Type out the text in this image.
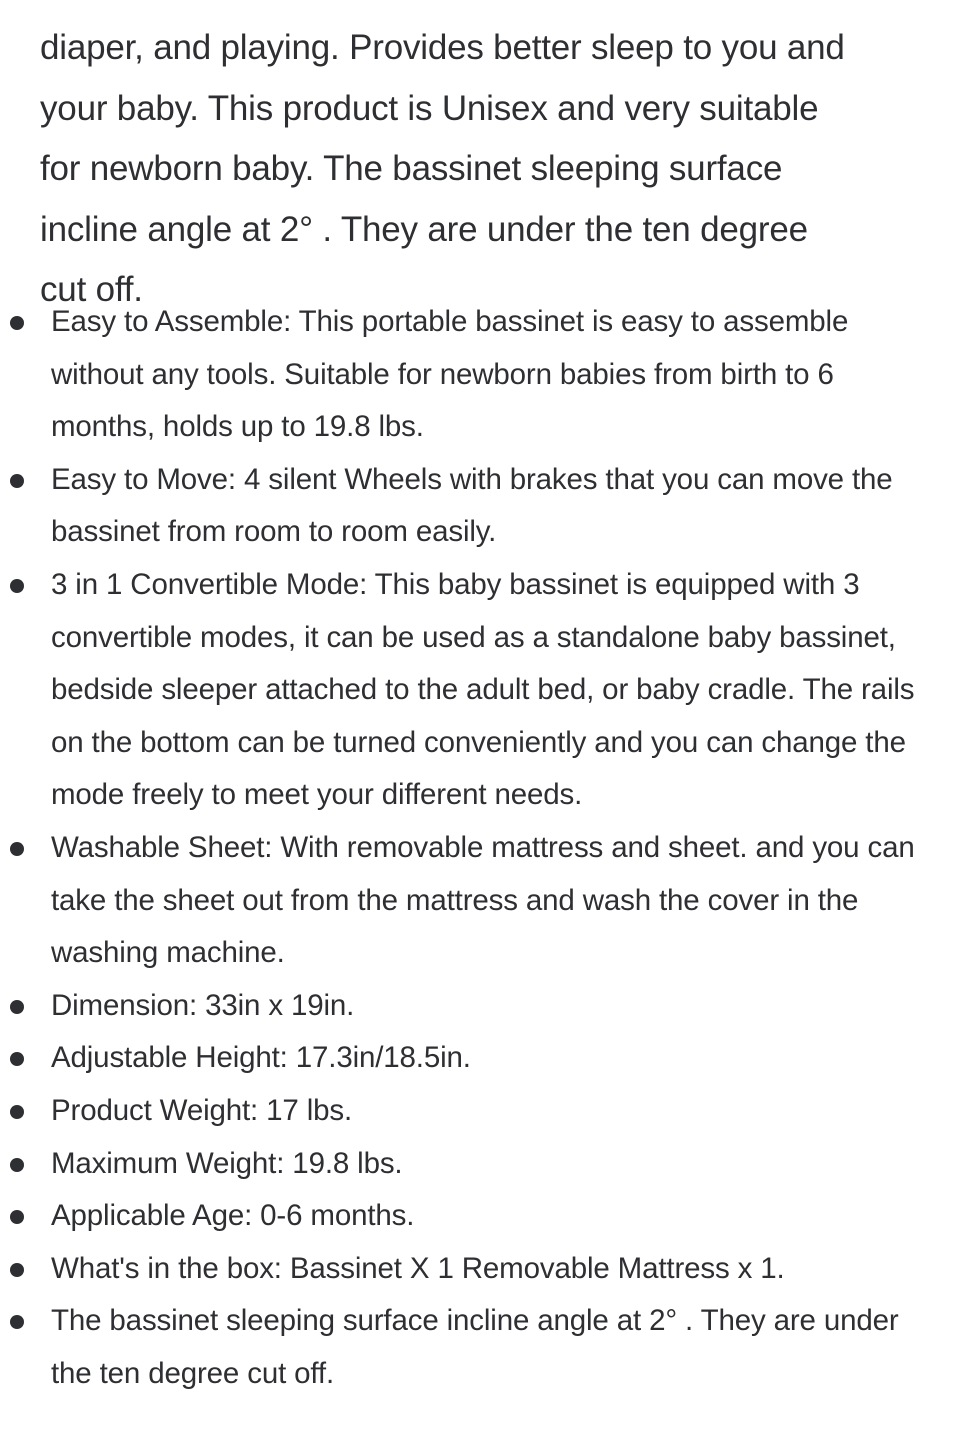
diaper, and playing. Provides better sleep to you and your baby. This product is Unisex and very suitable for newborn baby. The bassinet sleeping surface incline angle at 2° . They are under the ten degree cut off.

Easy to Assemble: This portable bassinet is easy to assemble without any tools. Suitable for newborn babies from birth to 6 months, holds up to 19.8 lbs.
Easy to Move: 4 silent Wheels with brakes that you can move the bassinet from room to room easily.
3 in 1 Convertible Mode: This baby bassinet is equipped with 3 convertible modes, it can be used as a standalone baby bassinet, bedside sleeper attached to the adult bed, or baby cradle. The rails on the bottom can be turned conveniently and you can change the mode freely to meet your different needs.
Washable Sheet: With removable mattress and sheet. and you can take the sheet out from the mattress and wash the cover in the washing machine.
Dimension: 33in x 19in.
Adjustable Height: 17.3in/18.5in.
Product Weight: 17 lbs.
Maximum Weight: 19.8 lbs.
Applicable Age: 0-6 months.
What's in the box: Bassinet X 1 Removable Mattress x 1.
The bassinet sleeping surface incline angle at 2° . They are under the ten degree cut off.
